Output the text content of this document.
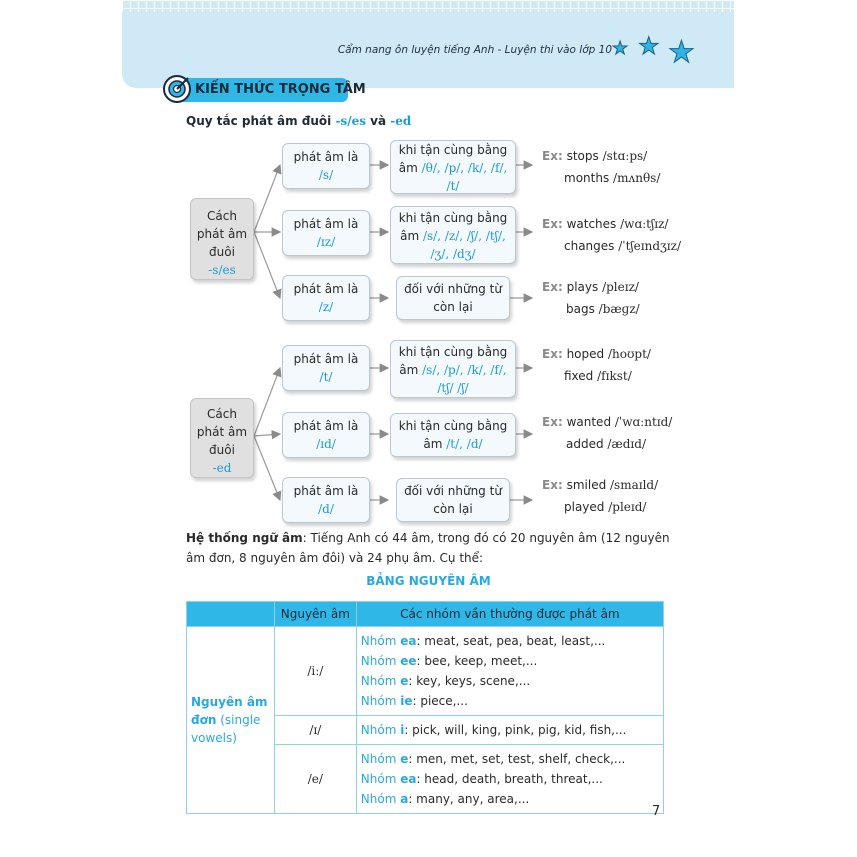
Cẩm nang ôn luyện tiếng Anh - Luyện thi vào lớp 10 ★ ★ ★
KIẾN THỨC TRỌNG TÂM
Quy tắc phát âm đuôi -s/es và -ed
Cách
phát âm
đuôi
-s/es
phát âm là
/s/
khi tận cùng bằng
âm /θ/, /p/, /k/, /f/,
/t/
phát âm là
/ɪz/
khi tận cùng bằng
âm /s/, /z/, /ʃ/, /tʃ/,
/ʒ/, /dʒ/
phát âm là
/z/
đối với những từ
còn lại
Ex: stops /stɑːps/
months /mʌnθs/
Ex: watches /wɑːtʃɪz/
changes /ˈtʃeɪndʒɪz/
Ex: plays /pleɪz/
bags /bæɡz/
Cách
phát âm
đuôi
-ed
phát âm là
/t/
khi tận cùng bằng
âm /s/, /p/, /k/, /f/,
/tʃ/ /ʃ/
phát âm là
/ɪd/
khi tận cùng bằng
âm /t/, /d/
phát âm là
/d/
đối với những từ
còn lại
Ex: hoped /hoʊpt/
fixed /fɪkst/
Ex: wanted /ˈwɑːntɪd/
added /ædɪd/
Ex: smiled /smaɪld/
played /pleɪd/
Hệ thống ngữ âm: Tiếng Anh có 44 âm, trong đó có 20 nguyên âm (12 nguyên âm đơn, 8 nguyên âm đôi) và 24 phụ âm. Cụ thể:
BẢNG NGUYÊN ÂM
	Nguyên âm	Các nhóm vần thường được phát âm
Nguyên âm đơn (single vowels)	/iː/	Nhóm ea: meat, seat, pea, beat, least,...
Nhóm ee: bee, keep, meet,...
Nhóm e: key, keys, scene,...
Nhóm ie: piece,...

	/ɪ/	Nhóm i: pick, will, king, pink, pig, kid, fish,...

	/e/	Nhóm e: men, met, set, test, shelf, check,...
Nhóm ea: head, death, breath, threat,...
Nhóm a: many, any, area,...
7
